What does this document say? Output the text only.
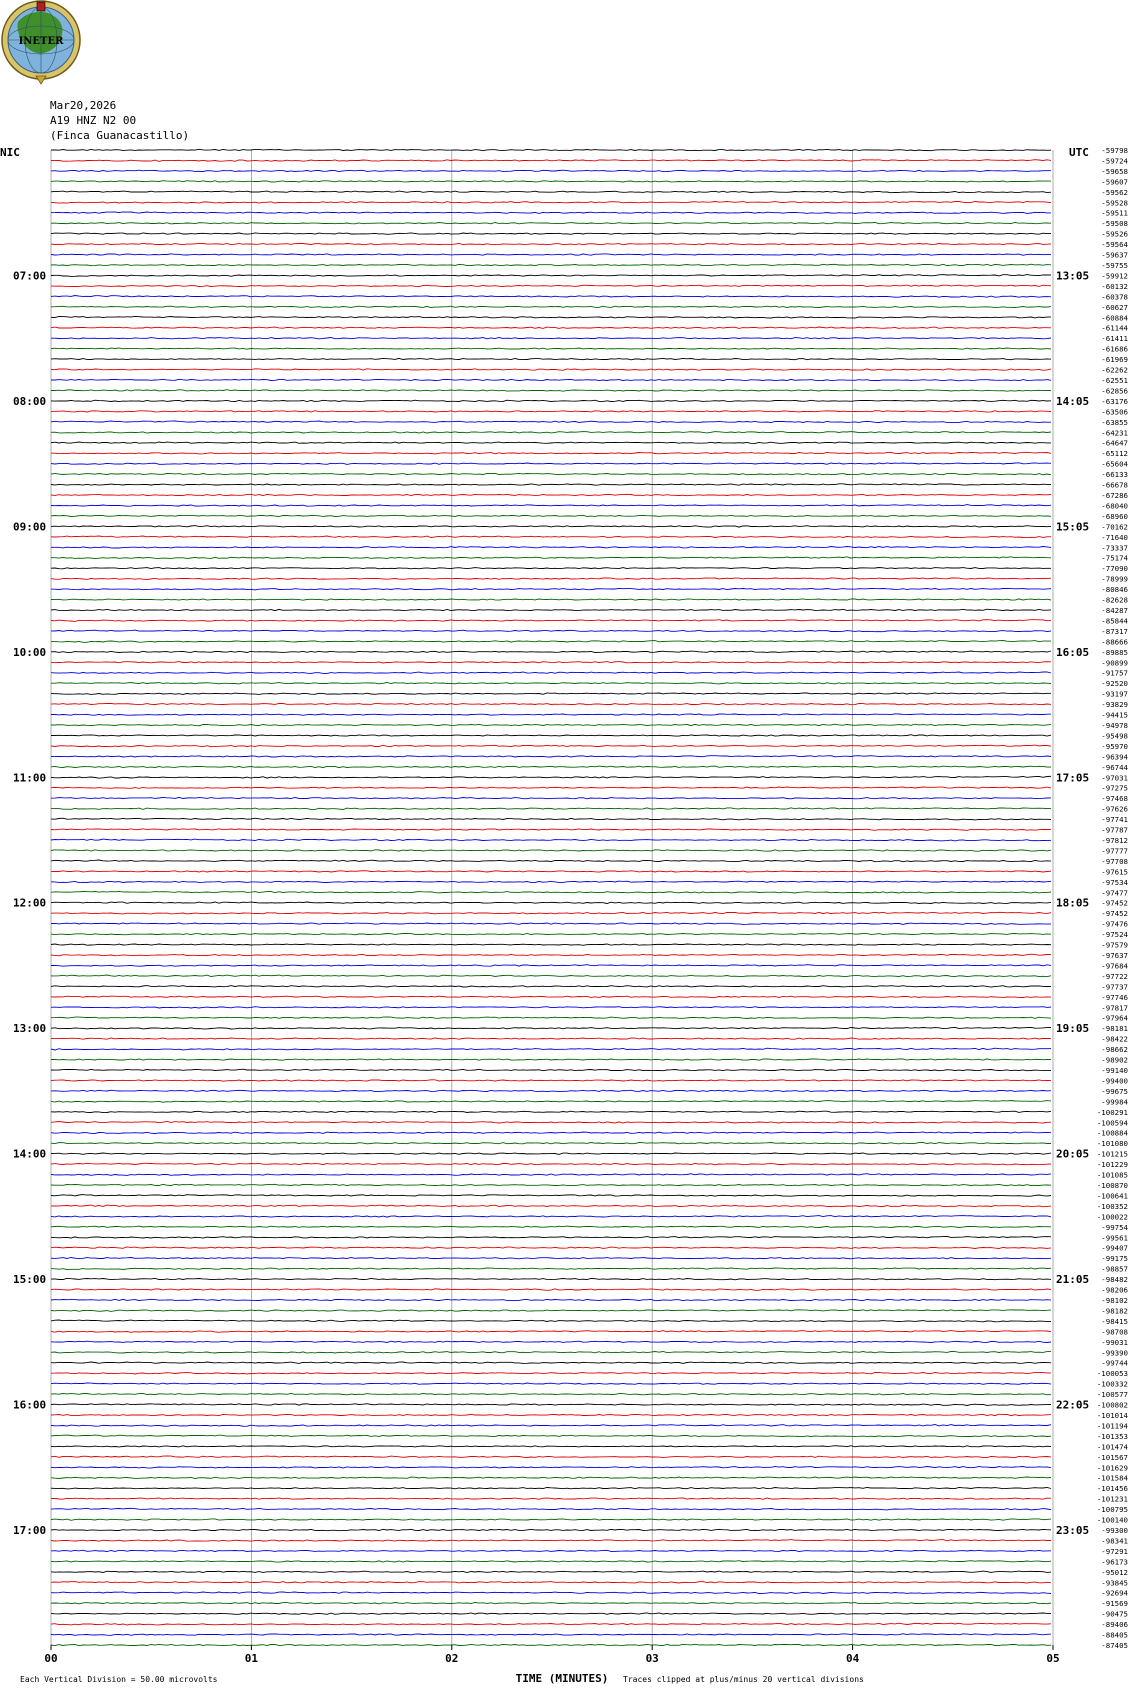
INETER
Mar20,2026
A19 HNZ N2 00
(Finca Guanacastillo)
07:00
08:00
09:00
10:00
11:00
12:00
13:00
14:00
15:00
16:00
17:00
13:05
14:05
15:05
16:05
17:05
18:05
19:05
20:05
21:05
22:05
23:05
-59798
-59724
-59658
-59607
-59562
-59528
-59511
-59508
-59526
-59564
-59637
-59755
-59912
-60132
-60378
-60627
-60884
-61144
-61411
-61686
-61969
-62262
-62551
-62856
-63176
-63506
-63855
-64231
-64647
-65112
-65604
-66133
-66678
-67286
-68040
-68960
-70162
-71640
-73337
-75174
-77090
-78999
-80846
-82628
-84287
-85844
-87317
-88666
-89885
-90899
-91757
-92520
-93197
-93829
-94415
-94978
-95498
-95970
-96394
-96744
-97031
-97275
-97468
-97626
-97741
-97787
-97812
-97777
-97708
-97615
-97534
-97477
-97452
-97452
-97476
-97524
-97579
-97637
-97684
-97722
-97737
-97746
-97817
-97964
-98181
-98422
-98662
-98902
-99140
-99400
-99675
-99984
-100291
-100594
-100884
-101080
-101215
-101229
-101085
-100870
-100641
-100352
-100022
-99754
-99561
-99407
-99175
-98857
-98482
-98206
-98102
-98182
-98415
-98708
-99031
-99390
-99744
-100053
-100332
-100577
-100802
-101014
-101194
-101353
-101474
-101567
-101629
-101584
-101456
-101231
-100795
-100140
-99300
-98341
-97291
-96173
-95012
-93845
-92694
-91569
-90475
-89406
-88405
-87405
00	01	02	03	04	05
NIC	UTC
TIME (MINUTES)
Each Vertical Division = 50.00 microvolts	Traces clipped at plus/minus 20 vertical divisions
